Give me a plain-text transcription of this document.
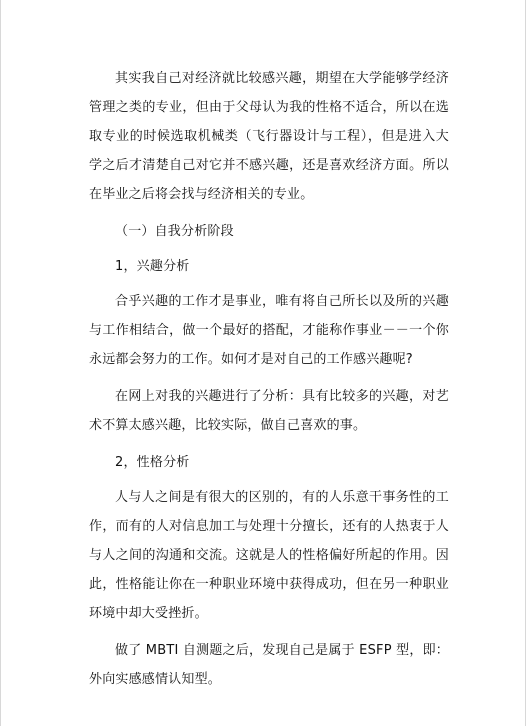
其实我自己对经济就比较感兴趣，期望在大学能够学经济管理之类的专业，但由于父母认为我的性格不适合，所以在选取专业的时候选取机械类（飞行器设计与工程），但是进入大学之后才清楚自己对它并不感兴趣，还是喜欢经济方面。所以在毕业之后将会找与经济相关的专业。

（一）自我分析阶段

1，兴趣分析

合乎兴趣的工作才是事业，唯有将自己所长以及所的兴趣与工作相结合，做一个最好的搭配，才能称作事业－－一个你永远都会努力的工作。如何才是对自己的工作感兴趣呢?

在网上对我的兴趣进行了分析：具有比较多的兴趣，对艺术不算太感兴趣，比较实际，做自己喜欢的事。

2，性格分析

人与人之间是有很大的区别的，有的人乐意干事务性的工作，而有的人对信息加工与处理十分擅长，还有的人热衷于人与人之间的沟通和交流。这就是人的性格偏好所起的作用。因此，性格能让你在一种职业环境中获得成功，但在另一种职业环境中却大受挫折。

做了 MBTI 自测题之后，发现自己是属于 ESFP 型，即：外向实感感情认知型。
